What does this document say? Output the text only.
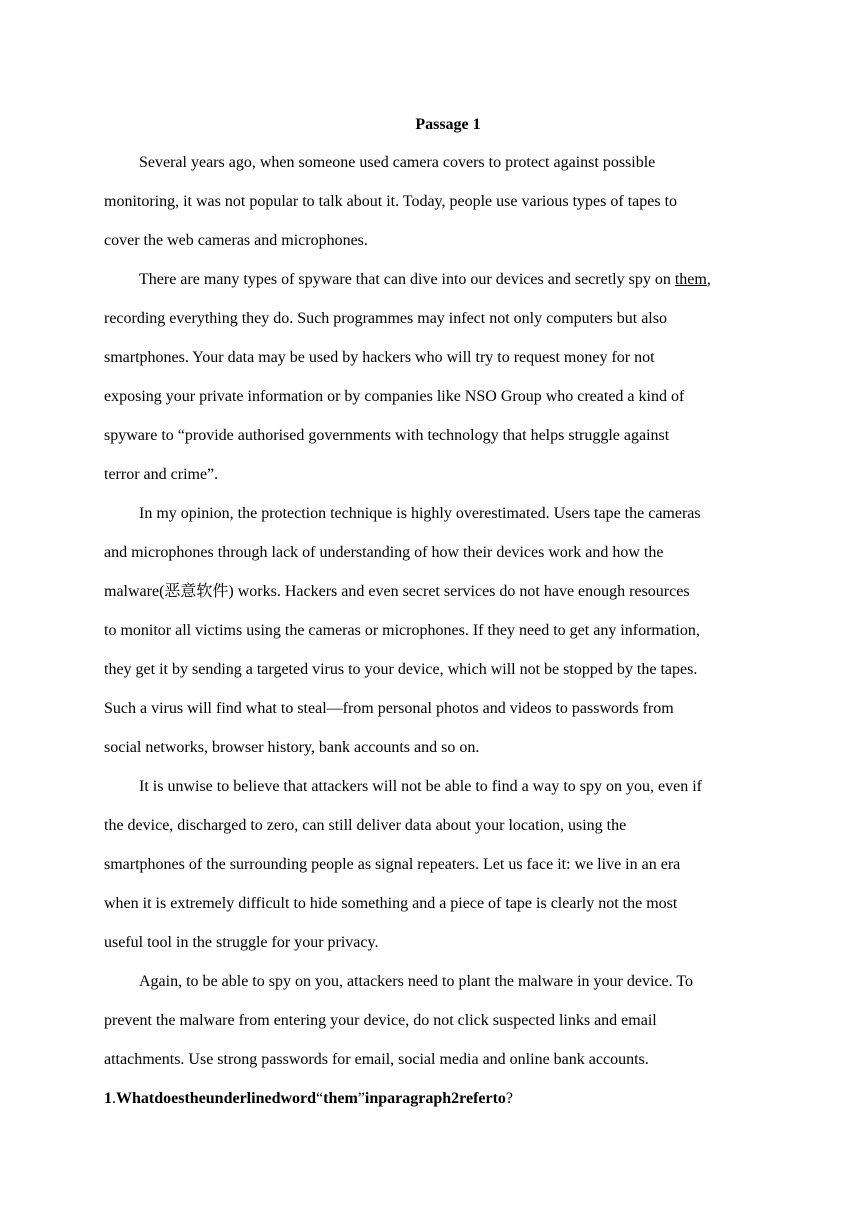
Passage 1
Several years ago, when someone used camera covers to protect against possible
monitoring, it was not popular to talk about it. Today, people use various types of tapes to
cover the web cameras and microphones.
There are many types of spyware that can dive into our devices and secretly spy on them,
recording everything they do. Such programmes may infect not only computers but also
smartphones. Your data may be used by hackers who will try to request money for not
exposing your private information or by companies like NSO Group who created a kind of
spyware to “provide authorised governments with technology that helps struggle against
terror and crime”.
In my opinion, the protection technique is highly overestimated. Users tape the cameras
and microphones through lack of understanding of how their devices work and how the
malware(恶意软件) works. Hackers and even secret services do not have enough resources
to monitor all victims using the cameras or microphones. If they need to get any information,
they get it by sending a targeted virus to your device, which will not be stopped by the tapes.
Such a virus will find what to steal—from personal photos and videos to passwords from
social networks, browser history, bank accounts and so on.
It is unwise to believe that attackers will not be able to find a way to spy on you, even if
the device, discharged to zero, can still deliver data about your location, using the
smartphones of the surrounding people as signal repeaters. Let us face it: we live in an era
when it is extremely difficult to hide something and a piece of tape is clearly not the most
useful tool in the struggle for your privacy.
Again, to be able to spy on you, attackers need to plant the malware in your device. To
prevent the malware from entering your device, do not click suspected links and email
attachments. Use strong passwords for email, social media and online bank accounts.
1.Whatdoestheunderlinedword“them”inparagraph2referto?
